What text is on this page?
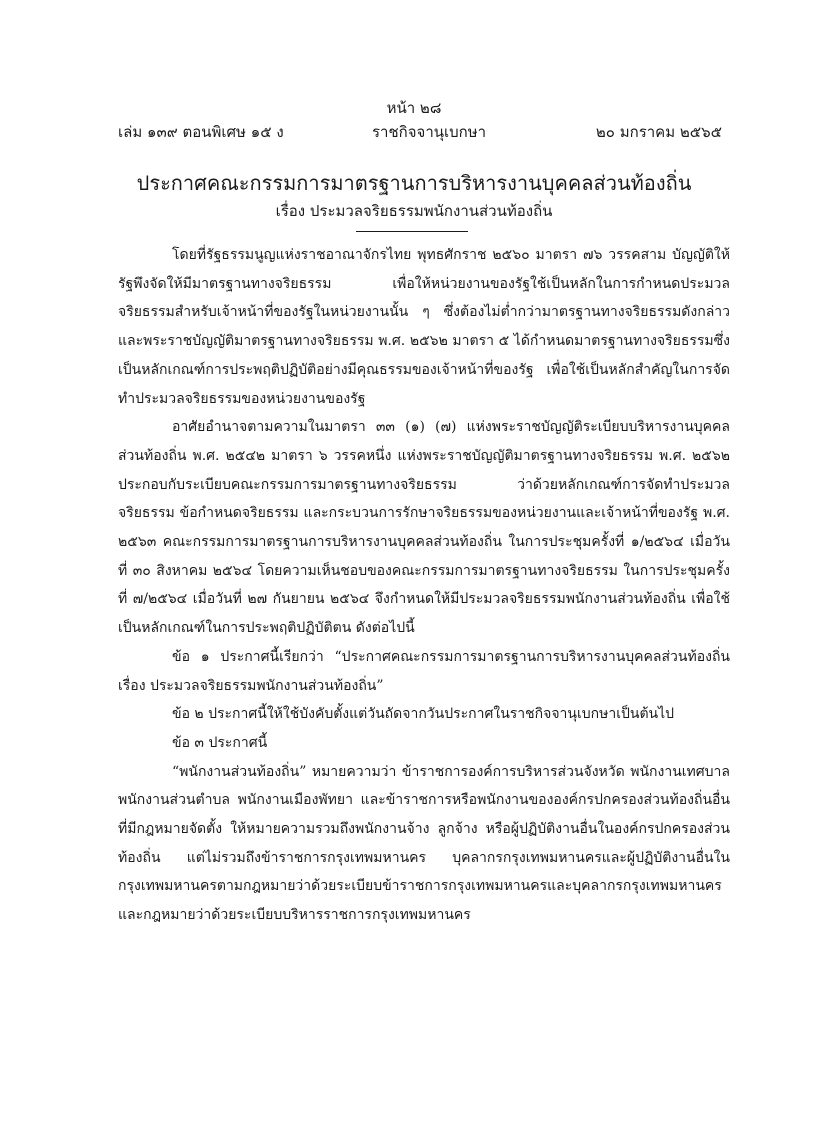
หน้า ๒๘
เล่ม ๑๓๙ ตอนพิเศษ ๑๕ ง	ราชกิจจานุเบกษา	๒๐ มกราคม ๒๕๖๕
ประกาศคณะกรรมการมาตรฐานการบริหารงานบุคคลส่วนท้องถิ่น
เรื่อง ประมวลจริยธรรมพนักงานส่วนท้องถิ่น

โดยที่รัฐธรรมนูญแห่งราชอาณาจักรไทย พุทธศักราช ๒๕๖๐ มาตรา ๗๖ วรรคสาม บัญญัติให้รัฐพึงจัดให้มีมาตรฐานทางจริยธรรม เพื่อให้หน่วยงานของรัฐใช้เป็นหลักในการกำหนดประมวลจริยธรรมสำหรับเจ้าหน้าที่ของรัฐในหน่วยงานนั้น ๆ ซึ่งต้องไม่ต่ำกว่ามาตรฐานทางจริยธรรมดังกล่าว และพระราชบัญญัติมาตรฐานทางจริยธรรม พ.ศ. ๒๕๖๒ มาตรา ๕ ได้กำหนดมาตรฐานทางจริยธรรมซึ่งเป็นหลักเกณฑ์การประพฤติปฏิบัติอย่างมีคุณธรรมของเจ้าหน้าที่ของรัฐ เพื่อใช้เป็นหลักสำคัญในการจัดทำประมวลจริยธรรมของหน่วยงานของรัฐ

อาศัยอำนาจตามความในมาตรา ๓๓ (๑) (๗) แห่งพระราชบัญญัติระเบียบบริหารงานบุคคลส่วนท้องถิ่น พ.ศ. ๒๕๔๒ มาตรา ๖ วรรคหนึ่ง แห่งพระราชบัญญัติมาตรฐานทางจริยธรรม พ.ศ. ๒๕๖๒ ประกอบกับระเบียบคณะกรรมการมาตรฐานทางจริยธรรม ว่าด้วยหลักเกณฑ์การจัดทำประมวลจริยธรรม ข้อกำหนดจริยธรรม และกระบวนการรักษาจริยธรรมของหน่วยงานและเจ้าหน้าที่ของรัฐ พ.ศ. ๒๕๖๓ คณะกรรมการมาตรฐานการบริหารงานบุคคลส่วนท้องถิ่น ในการประชุมครั้งที่ ๑/๒๕๖๔ เมื่อวันที่ ๓๐ สิงหาคม ๒๕๖๔ โดยความเห็นชอบของคณะกรรมการมาตรฐานทางจริยธรรม ในการประชุมครั้งที่ ๗/๒๕๖๔ เมื่อวันที่ ๒๗ กันยายน ๒๕๖๔ จึงกำหนดให้มีประมวลจริยธรรมพนักงานส่วนท้องถิ่น เพื่อใช้เป็นหลักเกณฑ์ในการประพฤติปฏิบัติตน ดังต่อไปนี้

ข้อ ๑ ประกาศนี้เรียกว่า “ประกาศคณะกรรมการมาตรฐานการบริหารงานบุคคลส่วนท้องถิ่น เรื่อง ประมวลจริยธรรมพนักงานส่วนท้องถิ่น”

ข้อ ๒ ประกาศนี้ให้ใช้บังคับตั้งแต่วันถัดจากวันประกาศในราชกิจจานุเบกษาเป็นต้นไป

ข้อ ๓ ประกาศนี้

“พนักงานส่วนท้องถิ่น” หมายความว่า ข้าราชการองค์การบริหารส่วนจังหวัด พนักงานเทศบาล พนักงานส่วนตำบล พนักงานเมืองพัทยา และข้าราชการหรือพนักงานขององค์กรปกครองส่วนท้องถิ่นอื่นที่มีกฎหมายจัดตั้ง ให้หมายความรวมถึงพนักงานจ้าง ลูกจ้าง หรือผู้ปฏิบัติงานอื่นในองค์กรปกครองส่วนท้องถิ่น แต่ไม่รวมถึงข้าราชการกรุงเทพมหานคร บุคลากรกรุงเทพมหานครและผู้ปฏิบัติงานอื่นในกรุงเทพมหานครตามกฎหมายว่าด้วยระเบียบข้าราชการกรุงเทพมหานครและบุคลากรกรุงเทพมหานคร และกฎหมายว่าด้วยระเบียบบริหารราชการกรุงเทพมหานคร
